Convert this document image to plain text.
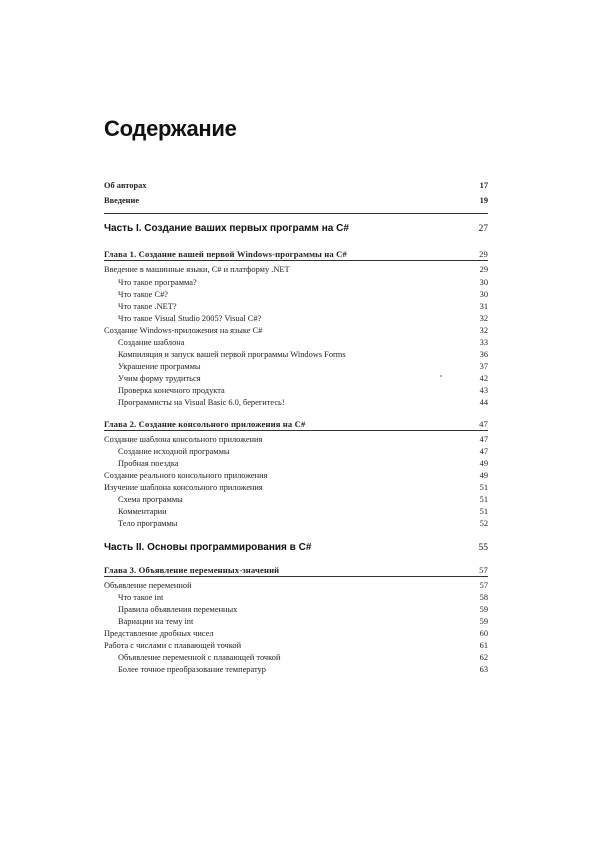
Содержание
Об авторах	17
Введение	19
Часть I. Создание ваших первых программ на C#	27
Глава 1. Создание вашей первой Windows-программы на C#	29
Введение в машинные языки, C# и платформу .NET	29
Что такое программа?	30
Что такое C#?	30
Что такое .NET?	31
Что такое Visual Studio 2005? Visual C#?	32
Создание Windows-приложения на языке C#	32
Создание шаблона	33
Компиляция и запуск вашей первой программы Windows Forms	36
Украшение программы	37
Учим форму трудиться	42
Проверка конечного продукта	43
Программисты на Visual Basic 6.0, берегитесь!	44
Глава 2. Создание консольного приложения на C#	47
Создание шаблона консольного приложения	47
Создание исходной программы	47
Пробная поездка	49
Создание реального консольного приложения	49
Изучение шаблона консольного приложения	51
Схема программы	51
Комментарии	51
Тело программы	52
Часть II. Основы программирования в C#	55
Глава 3. Объявление переменных-значений	57
Объявление переменной	57
Что такое int	58
Правила объявления переменных	59
Вариации на тему int	59
Представление дробных чисел	60
Работа с числами с плавающей точкой	61
Объявление переменной с плавающей точкой	62
Более точное преобразование температур	63
